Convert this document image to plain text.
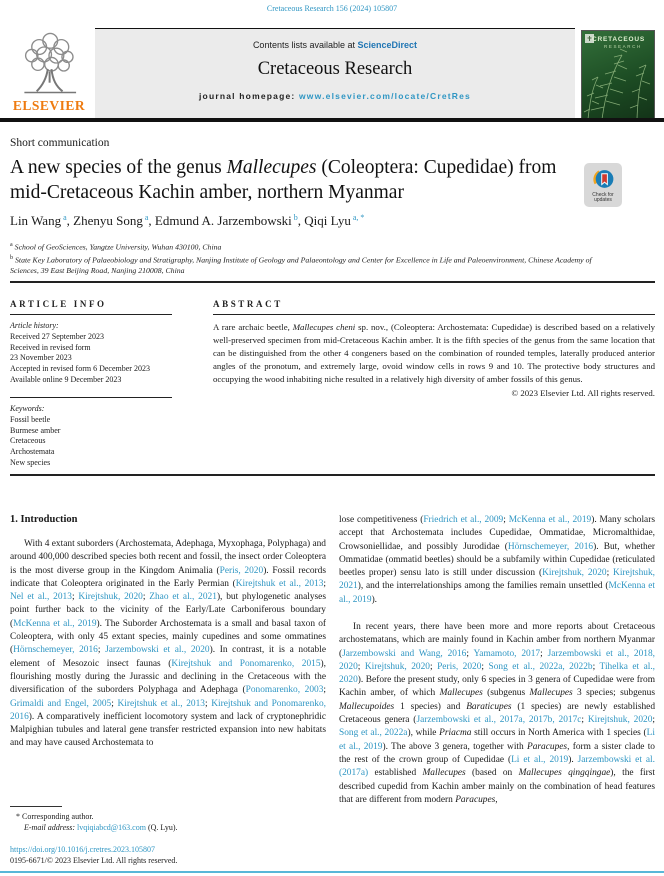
Cretaceous Research 156 (2024) 105807
ELSEVIER
Contents lists available at ScienceDirect
Cretaceous Research
journal homepage: www.elsevier.com/locate/CretRes
CRETACEOUS
RESEARCH
Short communication
A new species of the genus Mallecupes (Coleoptera: Cupedidae) from mid-Cretaceous Kachin amber, northern Myanmar	Check for updates
Lin Wang $^a$, Zhenyu Song $^a$, Edmund A. Jarzembowski $^b$, Qiqi Lyu $^{a, *}$
$^a$ School of GeoSciences, Yangtze University, Wuhan 430100, China
$^b$ State Key Laboratory of Palaeobiology and Stratigraphy, Nanjing Institute of Geology and Palaeontology and Center for Excellence in Life and Paleoenvironment, Chinese Academy of Sciences, 39 East Beijing Road, Nanjing 210008, China
ARTICLE INFO	ABSTRACT
Article history:
Received 27 September 2023
Received in revised form
23 November 2023
Accepted in revised form 6 December 2023
Available online 9 December 2023
Keywords:
Fossil beetle
Burmese amber
Cretaceous
Archostemata
New species
A rare archaic beetle, Mallecupes cheni sp. nov., (Coleoptera: Archostemata: Cupedidae) is described based on a relatively well-preserved specimen from mid-Cretaceous Kachin amber. It is the fifth species of the genus from the same location that can be distinguished from the other 4 congeners based on the combination of rounded temples, laterally produced anterior angles of the pronotum, and extremely large, ovoid window cells in rows 9 and 10. The protective body structures and occupying the wood inhabiting niche resulted in a relatively high diversity of amber fossils of this genus.
© 2023 Elsevier Ltd. All rights reserved.
1. Introduction
With 4 extant suborders (Archostemata, Adephaga, Myxophaga, Polyphaga) and around 400,000 described species both recent and fossil, the insect order Coleoptera is the most diverse group in the Kingdom Animalia (Peris, 2020). Fossil records indicate that Coleoptera originated in the Early Permian (Kirejtshuk et al., 2013; Nel et al., 2013; Kirejtshuk, 2020; Zhao et al., 2021), but phylogenetic analyses point further back to the vicinity of the Early/Late Carboniferous boundary (McKenna et al., 2019). The Suborder Archostemata is a small and basal taxon of Coleoptera, with only 45 extant species, mainly cupedines and some ommatines (Hörnschemeyer, 2016; Jarzembowski et al., 2020). In contrast, it is a notable element of Mesozoic insect faunas (Kirejtshuk and Ponomarenko, 2015), flourishing mostly during the Jurassic and declining in the Cretaceous with the diversification of the suborders Polyphaga and Adephaga (Ponomarenko, 2003; Grimaldi and Engel, 2005; Kirejtshuk et al., 2013; Kirejtshuk and Ponomarenko, 2016). A comparatively inefficient locomotory system and lack of cryptonephridic Malpighian tubules and lateral gene transfer restricted expansion into new habitats and may have caused Archostemata to
lose competitiveness (Friedrich et al., 2009; McKenna et al., 2019). Many scholars accept that Archostemata includes Cupedidae, Ommatidae, Micromalthidae, Crowsoniellidae, and possibly Jurodidae (Hörnschemeyer, 2016). But, whether Ommatidae (ommatid beetles) should be a subfamily within Cupedidae (reticulated beetles proper) sensu lato is still under discussion (Kirejtshuk, 2020; Kirejtshuk, 2021), and the interrelationships among the families remain unsettled (McKenna et al., 2019).
In recent years, there have been more and more reports about Cretaceous archostematans, which are mainly found in Kachin amber from northern Myanmar (Jarzembowski and Wang, 2016; Yamamoto, 2017; Jarzembowski et al., 2018, 2020; Kirejtshuk, 2020; Peris, 2020; Song et al., 2022a, 2022b; Tihelka et al., 2020). Before the present study, only 6 species in 3 genera of Cupedidae were from Kachin amber, of which Mallecupes (subgenus Mallecupes 3 species; subgenus Mallecupoides 1 species) and Baraticupes (1 species) are newly established Cretaceous genera (Jarzembowski et al., 2017a, 2017b, 2017c; Kirejtshuk, 2020; Song et al., 2022a), while Priacma still occurs in North America with 1 species (Li et al., 2019). The above 3 genera, together with Paracupes, form a sister clade to the rest of the crown group of Cupedidae (Li et al., 2019). Jarzembowski et al. (2017a) established Mallecupes (based on Mallecupes qingqingae), the first described cupedid from Kachin amber mainly on the combination of head features that are different from modern Paracupes,
* Corresponding author.
E-mail address: lvqiqiabcd@163.com (Q. Lyu).
https://doi.org/10.1016/j.cretres.2023.105807
0195-6671/© 2023 Elsevier Ltd. All rights reserved.
